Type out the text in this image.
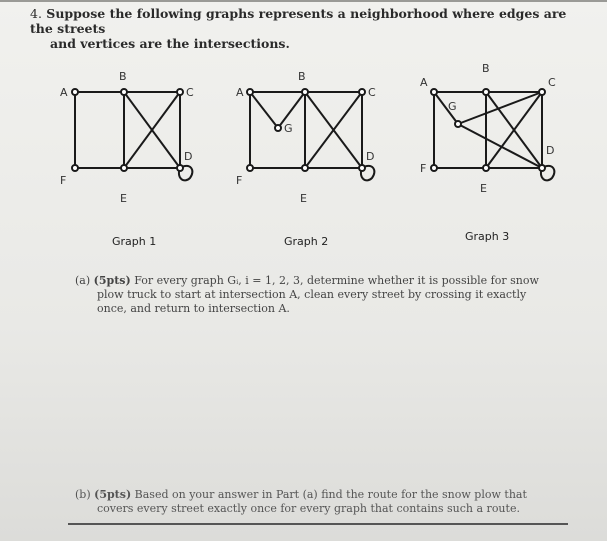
4. Suppose the following graphs represents a neighborhood where edges are the streets
and vertices are the intersections.
A
B
C
D
E
F
Graph 1
A
B
C
D
E
F
G
Graph 2
A
B
C
D
E
F
G
Graph 3
(a) (5pts) For every graph Gᵢ, i = 1, 2, 3, determine whether it is possible for snow
plow truck to start at intersection A, clean every street by crossing it exactly
once, and return to intersection A.
(b) (5pts) Based on your answer in Part (a) find the route for the snow plow that
covers every street exactly once for every graph that contains such a route.
